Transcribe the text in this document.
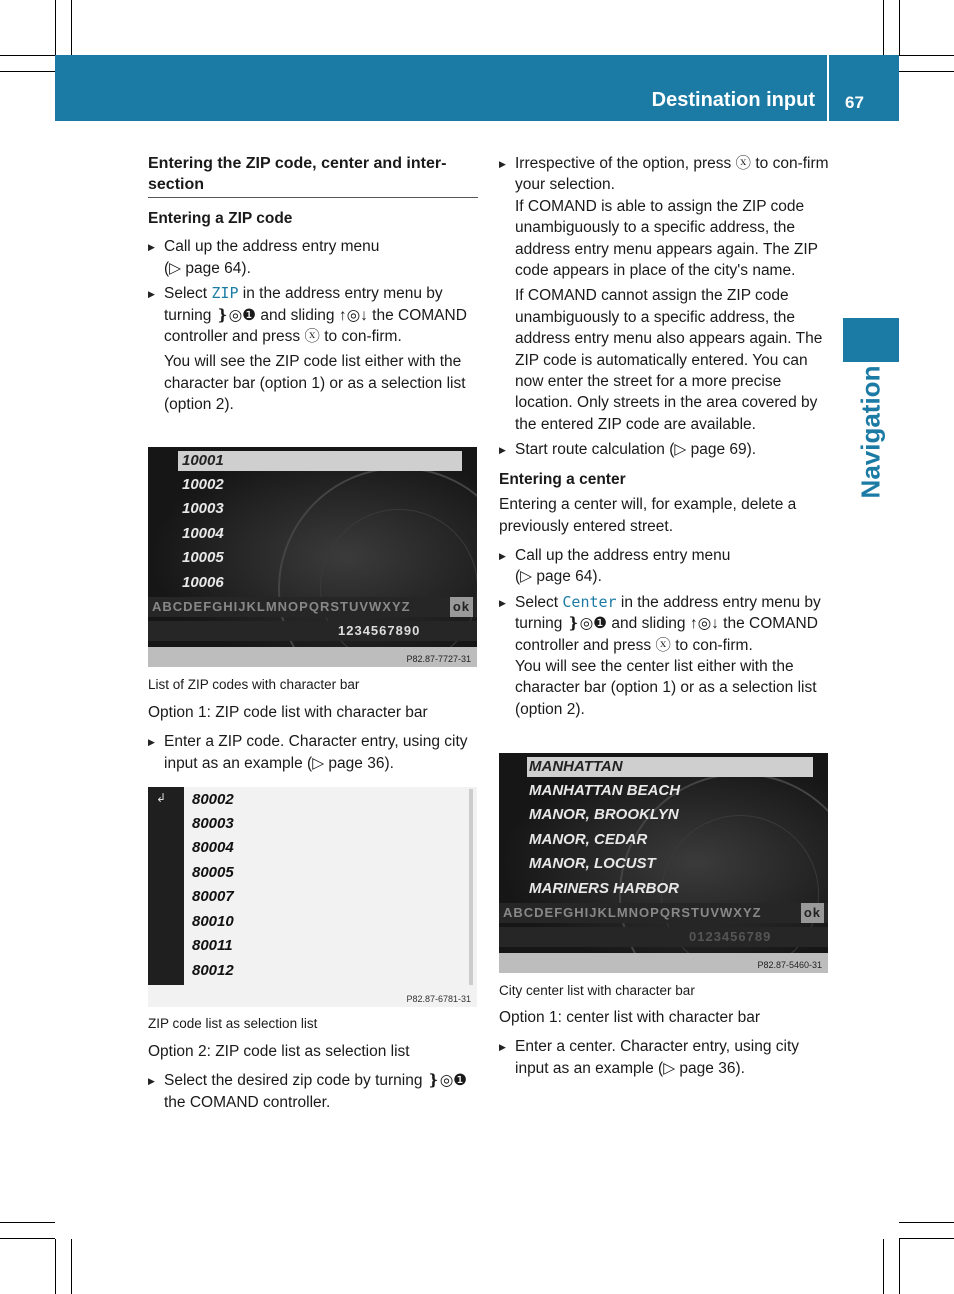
Destination input 67
Navigation

Entering the ZIP code, center and inter-section

Entering a ZIP code

▶ Call up the address entry menu
(▷ page 64).

▶ Select ZIP in the address entry menu by turning ❵◎❶ and sliding ↑◎↓ the COMAND controller and press ⓧ to con-firm.

You will see the ZIP code list either with the character bar (option 1) or as a selection list (option 2).

10001
10002
10003
10004
10005
10006
ABCDEFGHIJKLMNOPQRSTUVWXYZ	ok
1234567890
P82.87-7727-31

List of ZIP codes with character bar

Option 1: ZIP code list with character bar

▶ Enter a ZIP code. Character entry, using city input as an example (▷ page 36).

↲ 80002
80003
80004
80005
80007
80010
80011
80012
P82.87-6781-31

ZIP code list as selection list

Option 2: ZIP code list as selection list

▶ Select the desired zip code by turning ❵◎❶ the COMAND controller.

▶ Irrespective of the option, press ⓧ to con-firm your selection.

If COMAND is able to assign the ZIP code unambiguously to a specific address, the address entry menu appears again. The ZIP code appears in place of the city's name.

If COMAND cannot assign the ZIP code unambiguously to a specific address, the address entry menu also appears again. The ZIP code is automatically entered. You can now enter the street for a more precise location. Only streets in the area covered by the entered ZIP code are available.

▶ Start route calculation (▷ page 69).

Entering a center

Entering a center will, for example, delete a previously entered street.

▶ Call up the address entry menu
(▷ page 64).

▶ Select Center in the address entry menu by turning ❵◎❶ and sliding ↑◎↓ the COMAND controller and press ⓧ to con-firm.

You will see the center list either with the character bar (option 1) or as a selection list (option 2).

MANHATTAN
MANHATTAN BEACH
MANOR, BROOKLYN
MANOR, CEDAR
MANOR, LOCUST
MARINERS HARBOR
ABCDEFGHIJKLMNOPQRSTUVWXYZ	ok
0123456789
P82.87-5460-31

City center list with character bar

Option 1: center list with character bar

▶ Enter a center. Character entry, using city input as an example (▷ page 36).
